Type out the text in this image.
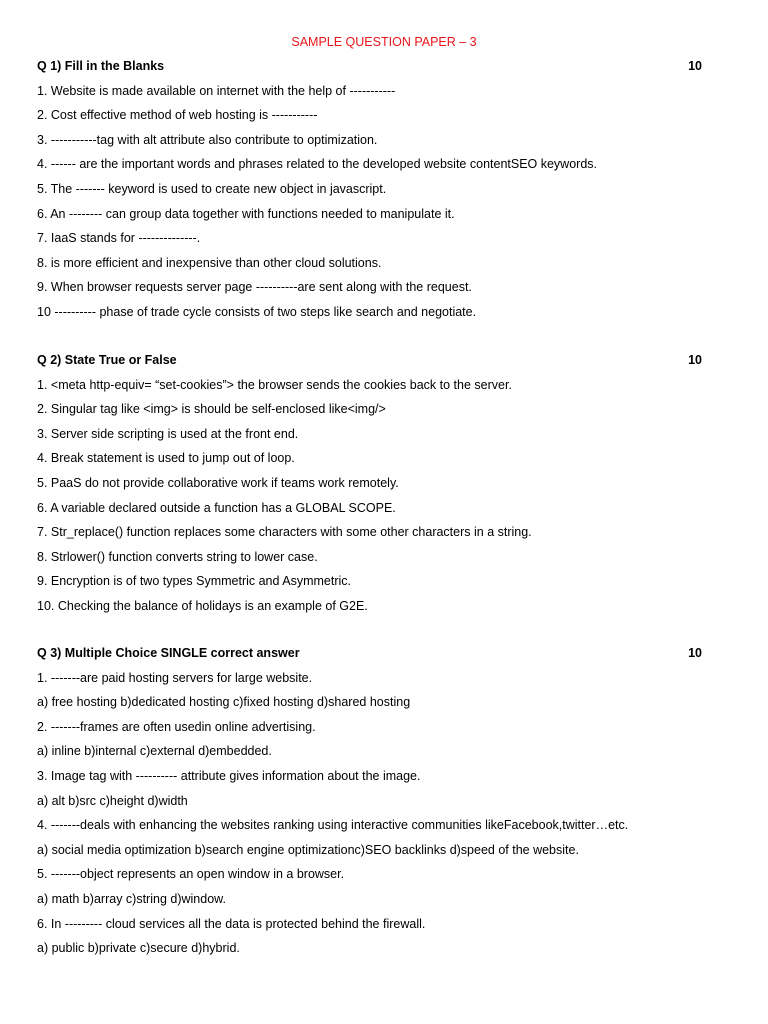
SAMPLE QUESTION PAPER – 3
Q 1) Fill in the Blanks	10
1. Website is made available on internet with the help of -----------
2. Cost effective method of web hosting is -----------
3. -----------tag with alt attribute also contribute to optimization.
4. ------ are the important words and phrases related to the developed website contentSEO keywords.
5. The ------- keyword is used to create new object in javascript.
6. An -------- can group data together with functions needed to manipulate it.
7. IaaS stands for --------------.
8. is more efficient and inexpensive than other cloud solutions.
9. When browser requests server page ----------are sent along with the request.
10 ---------- phase of trade cycle consists of two steps like search and negotiate.
Q 2) State True or False	10
1. <meta http-equiv= “set-cookies”> the browser sends the cookies back to the server.
2. Singular tag like <img> is should be self-enclosed like<img/>
3. Server side scripting is used at the front end.
4. Break statement is used to jump out of loop.
5. PaaS do not provide collaborative work if teams work remotely.
6. A variable declared outside a function has a GLOBAL SCOPE.
7. Str_replace() function replaces some characters with some other characters in a string.
8. Strlower() function converts string to lower case.
9. Encryption is of two types Symmetric and Asymmetric.
10. Checking the balance of holidays is an example of G2E.
Q 3) Multiple Choice SINGLE correct answer	10
1. -------are paid hosting servers for large website.
a) free hosting b)dedicated hosting c)fixed hosting d)shared hosting
2. -------frames are often usedin online advertising.
a) inline b)internal c)external d)embedded.
3. Image tag with ---------- attribute gives information about the image.
a) alt b)src c)height d)width
4. -------deals with enhancing the websites ranking using interactive communities likeFacebook,twitter…etc.
a) social media optimization b)search engine optimizationc)SEO backlinks d)speed of the website.
5. -------object represents an open window in a browser.
a) math b)array c)string d)window.
6. In --------- cloud services all the data is protected behind the firewall.
a) public b)private c)secure d)hybrid.
